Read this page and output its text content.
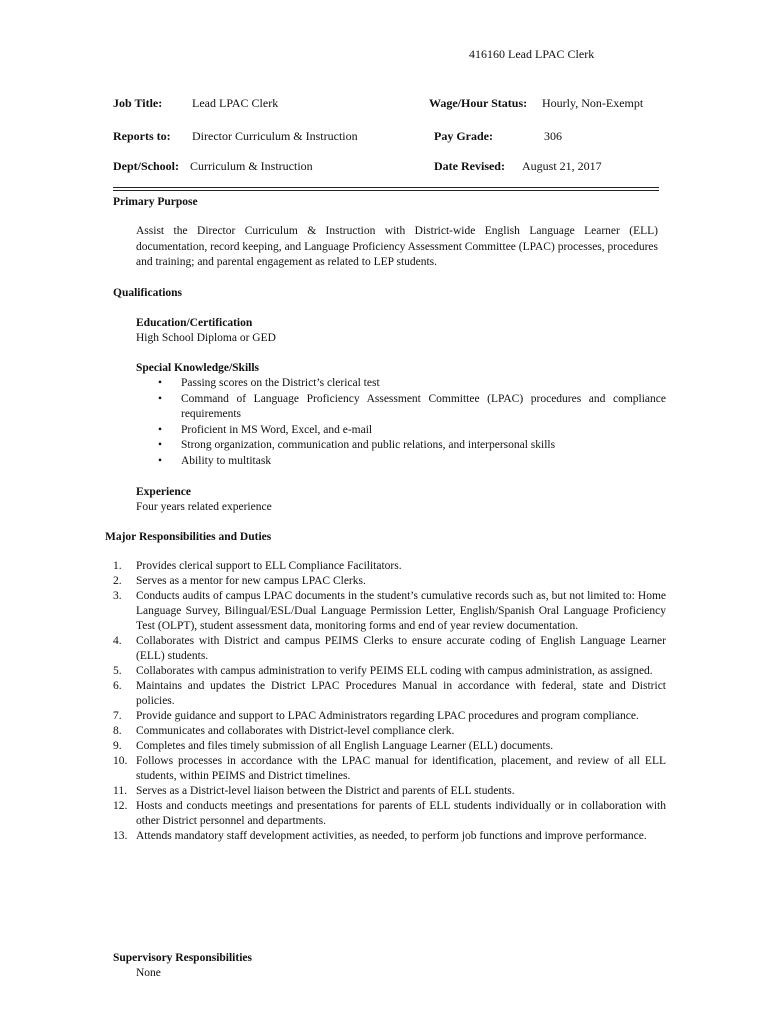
416160 Lead LPAC Clerk
Job Title: Lead LPAC Clerk	Wage/Hour Status: Hourly, Non-Exempt
Reports to: Director Curriculum & Instruction	Pay Grade:	306
Dept/School: Curriculum & Instruction	Date Revised: August 21, 2017
Primary Purpose
Assist the Director Curriculum & Instruction with District-wide English Language Learner (ELL) documentation, record keeping, and Language Proficiency Assessment Committee (LPAC) processes, procedures and training; and parental engagement as related to LEP students.
Qualifications
Education/Certification
High School Diploma or GED
Special Knowledge/Skills
• Passing scores on the District’s clerical test
• Command of Language Proficiency Assessment Committee (LPAC) procedures and compliance requirements
• Proficient in MS Word, Excel, and e-mail
• Strong organization, communication and public relations, and interpersonal skills
• Ability to multitask
Experience
Four years related experience
Major Responsibilities and Duties
1. Provides clerical support to ELL Compliance Facilitators.
2. Serves as a mentor for new campus LPAC Clerks.
3. Conducts audits of campus LPAC documents in the student’s cumulative records such as, but not limited to: Home Language Survey, Bilingual/ESL/Dual Language Permission Letter, English/Spanish Oral Language Proficiency Test (OLPT), student assessment data, monitoring forms and end of year review documentation.
4. Collaborates with District and campus PEIMS Clerks to ensure accurate coding of English Language Learner (ELL) students.
5. Collaborates with campus administration to verify PEIMS ELL coding with campus administration, as assigned.
6. Maintains and updates the District LPAC Procedures Manual in accordance with federal, state and District policies.
7. Provide guidance and support to LPAC Administrators regarding LPAC procedures and program compliance.
8. Communicates and collaborates with District-level compliance clerk.
9. Completes and files timely submission of all English Language Learner (ELL) documents.
10. Follows processes in accordance with the LPAC manual for identification, placement, and review of all ELL students, within PEIMS and District timelines.
11. Serves as a District-level liaison between the District and parents of ELL students.
12. Hosts and conducts meetings and presentations for parents of ELL students individually or in collaboration with other District personnel and departments.
13. Attends mandatory staff development activities, as needed, to perform job functions and improve performance.
Supervisory Responsibilities
None
